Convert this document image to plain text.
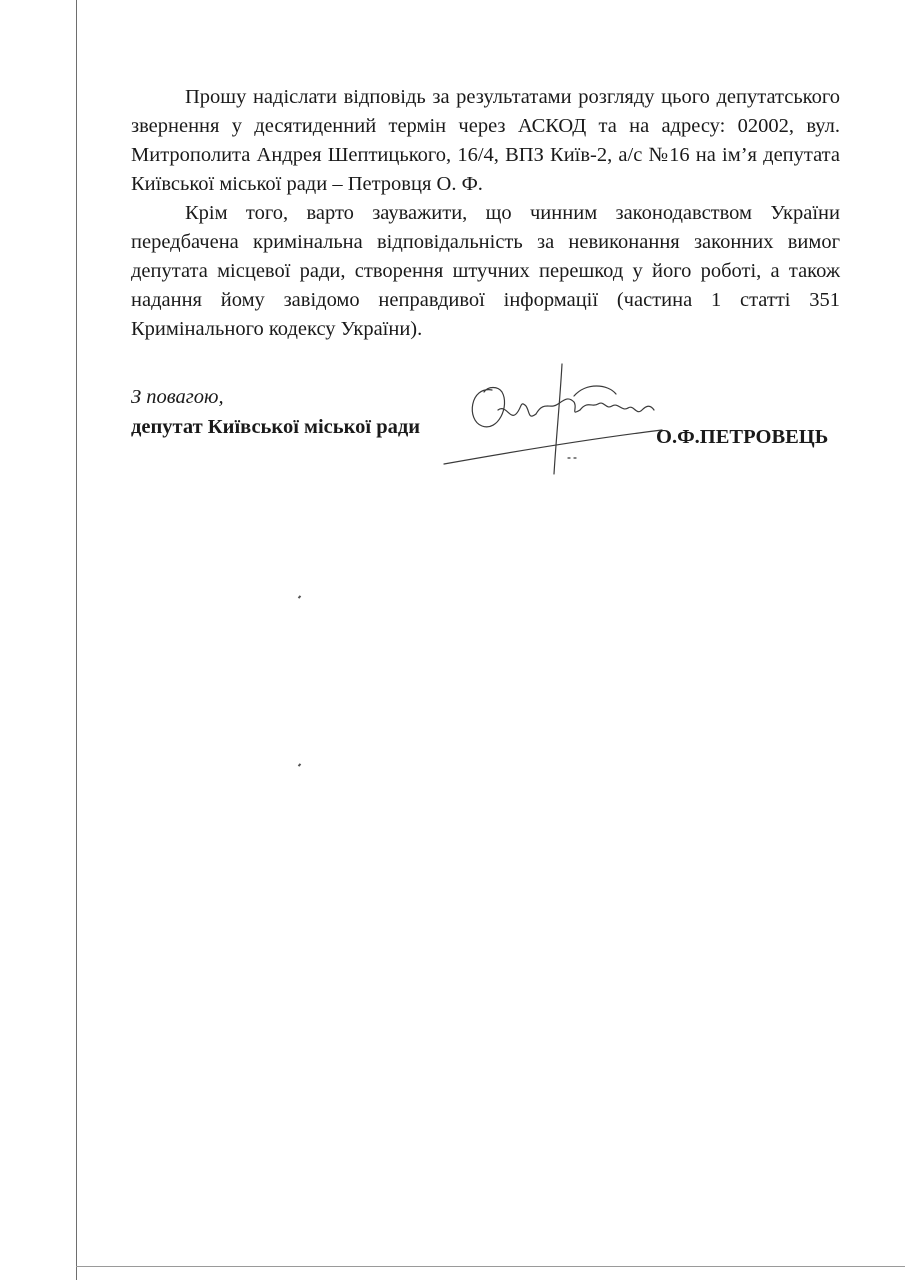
Прошу надіслати відповідь за результатами розгляду цього депутатського звернення у десятиденний термін через АСКОД та на адресу: 02002, вул. Митрополита Андрея Шептицького, 16/4, ВПЗ Київ-2, а/с №16 на ім’я депутата Київської міської ради – Петровця О. Ф.

Крім того, варто зауважити, що чинним законодавством України передбачена кримінальна відповідальність за невиконання законних вимог депутата місцевої ради, створення штучних перешкод у його роботі, а також надання йому завідомо неправдивої інформації (частина 1 статті 351 Кримінального кодексу України).

З повагою,
депутат Київської міської ради	О.Ф.ПЕТРОВЕЦЬ
